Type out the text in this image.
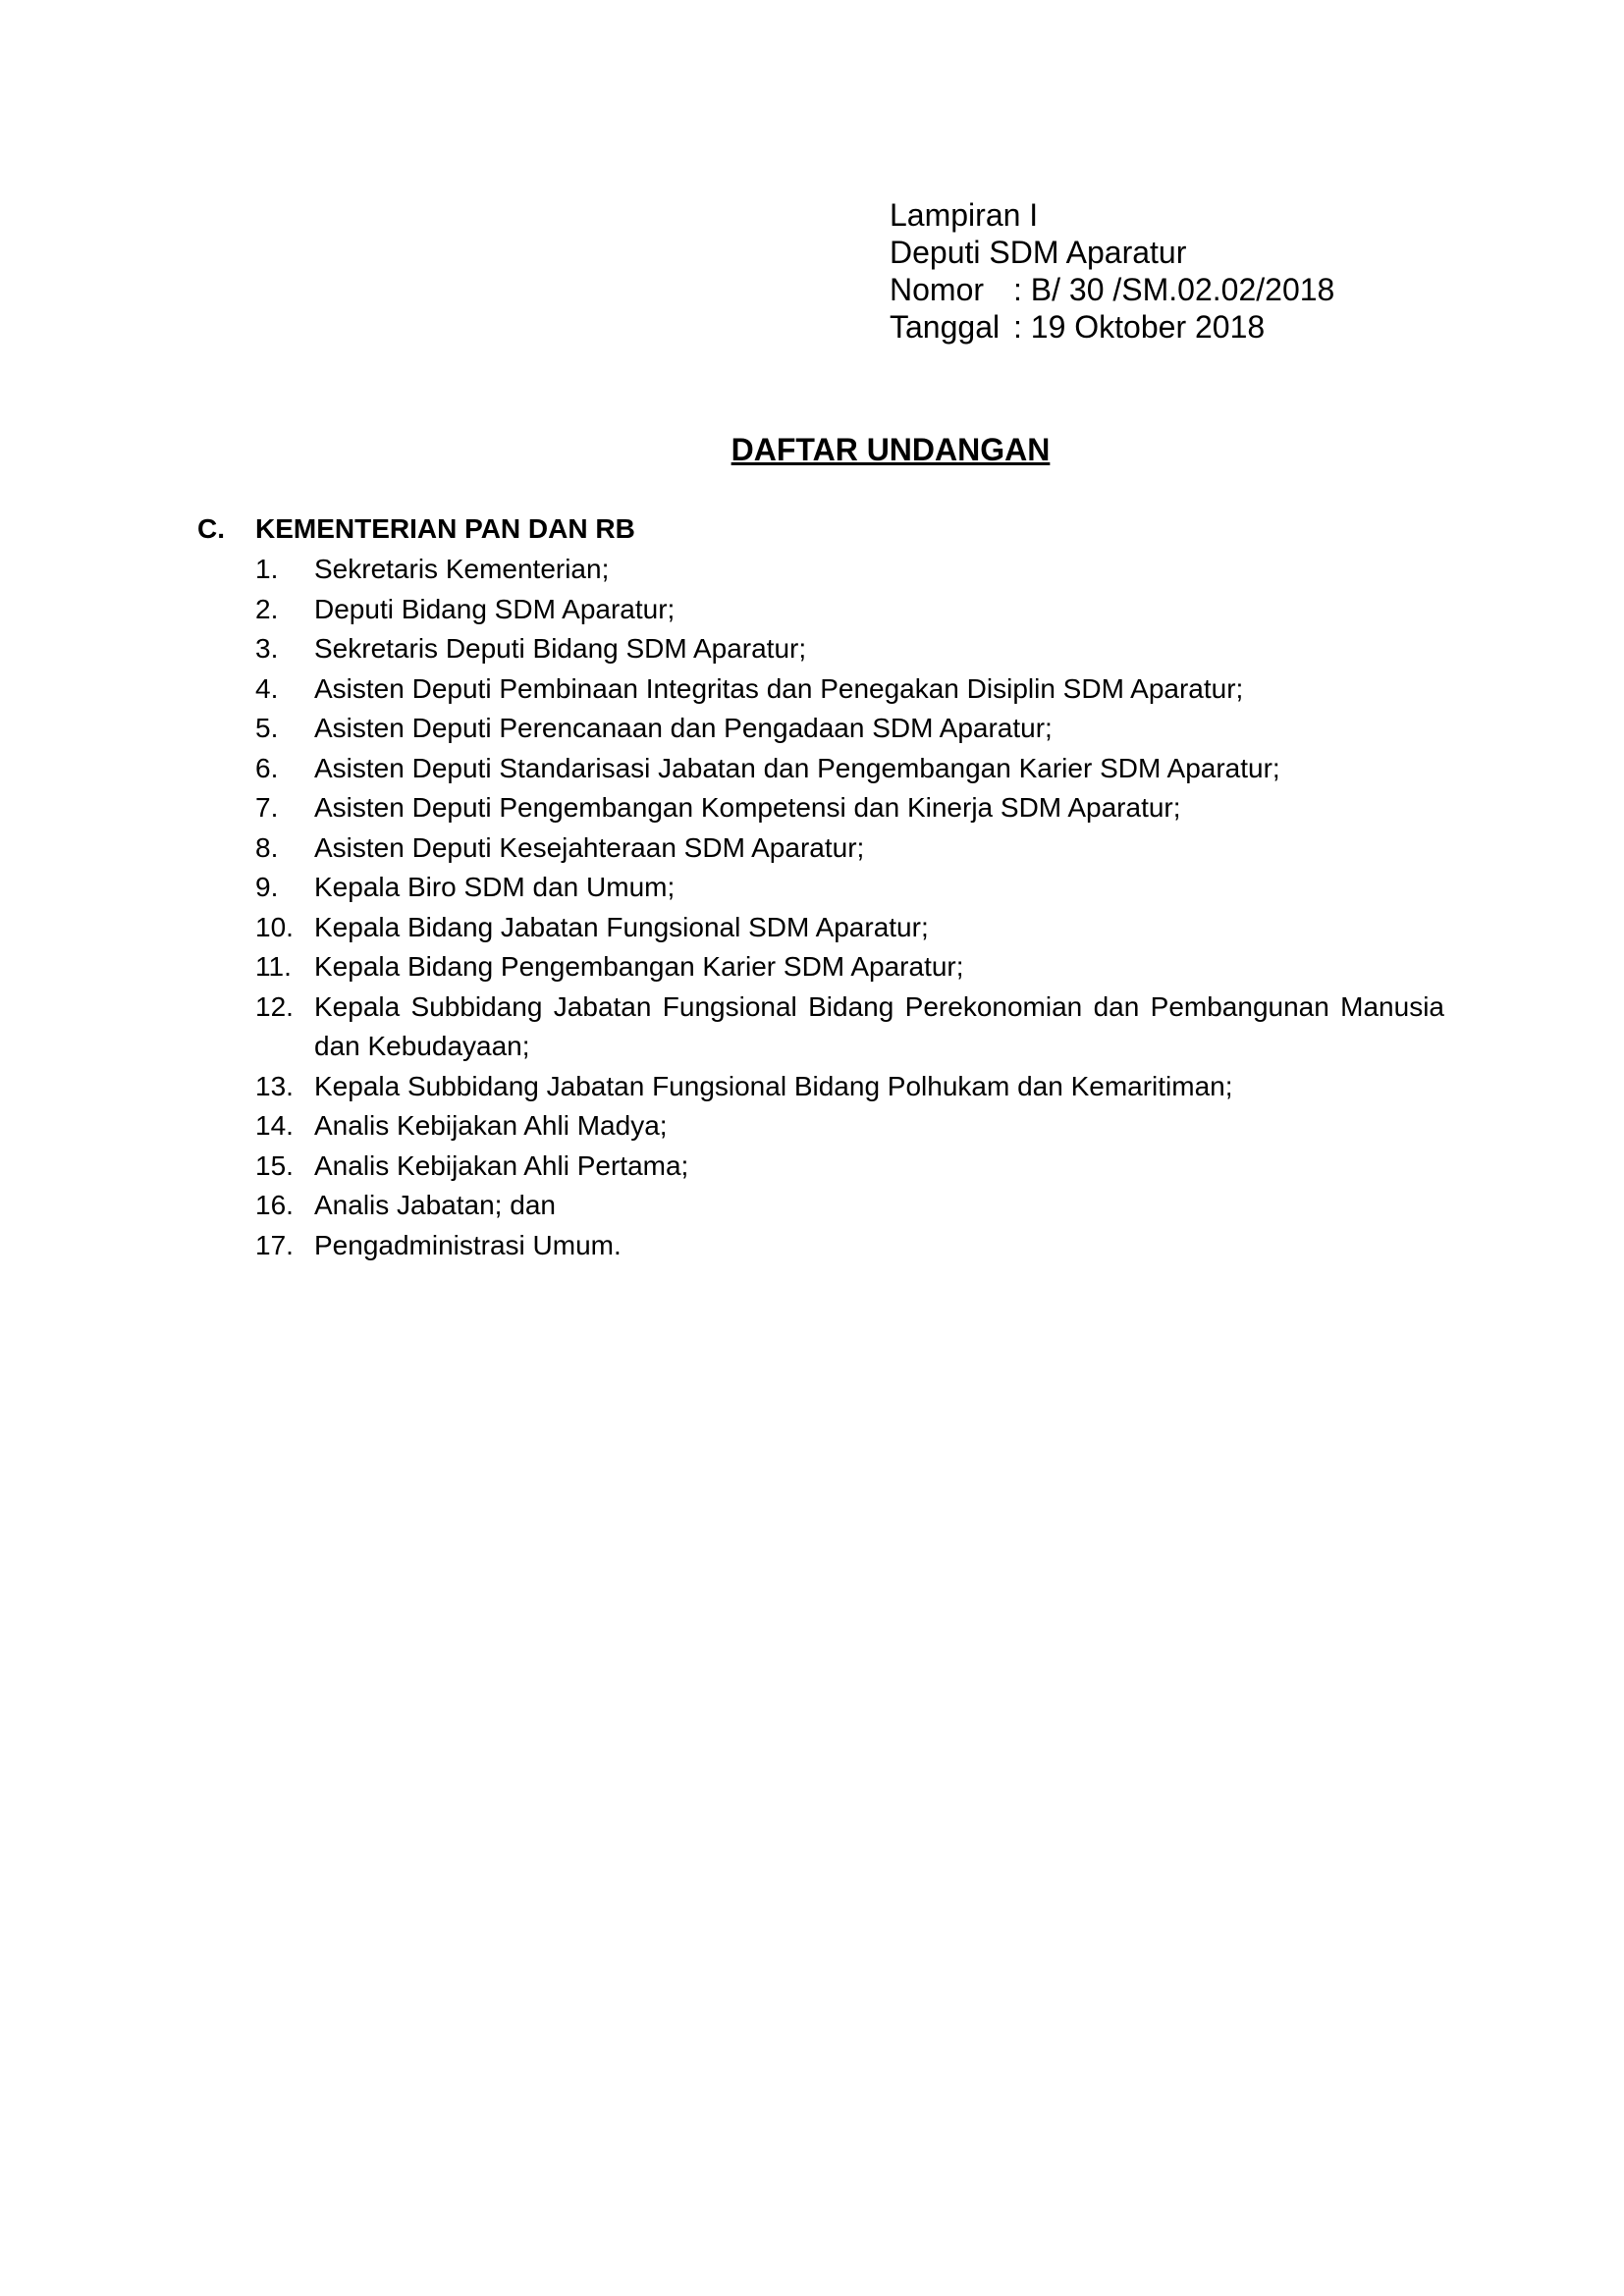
Lampiran I
Deputi SDM Aparatur
Nomor : B/ 30 /SM.02.02/2018
Tanggal : 19 Oktober 2018
DAFTAR UNDANGAN
C. KEMENTERIAN PAN DAN RB
1.	Sekretaris Kementerian;
2.	Deputi Bidang SDM Aparatur;
3.	Sekretaris Deputi Bidang SDM Aparatur;
4.	Asisten Deputi Pembinaan Integritas dan Penegakan Disiplin SDM Aparatur;
5.	Asisten Deputi Perencanaan dan Pengadaan SDM Aparatur;
6.	Asisten Deputi Standarisasi Jabatan dan Pengembangan Karier SDM Aparatur;
7.	Asisten Deputi Pengembangan Kompetensi dan Kinerja SDM Aparatur;
8.	Asisten Deputi Kesejahteraan SDM Aparatur;
9.	Kepala Biro SDM dan Umum;
10. Kepala Bidang Jabatan Fungsional SDM Aparatur;
11. Kepala Bidang Pengembangan Karier SDM Aparatur;
12. Kepala Subbidang Jabatan Fungsional Bidang Perekonomian dan Pembangunan Manusia dan Kebudayaan;
13. Kepala Subbidang Jabatan Fungsional Bidang Polhukam dan Kemaritiman;
14. Analis Kebijakan Ahli Madya;
15. Analis Kebijakan Ahli Pertama;
16. Analis Jabatan; dan
17. Pengadministrasi Umum.
